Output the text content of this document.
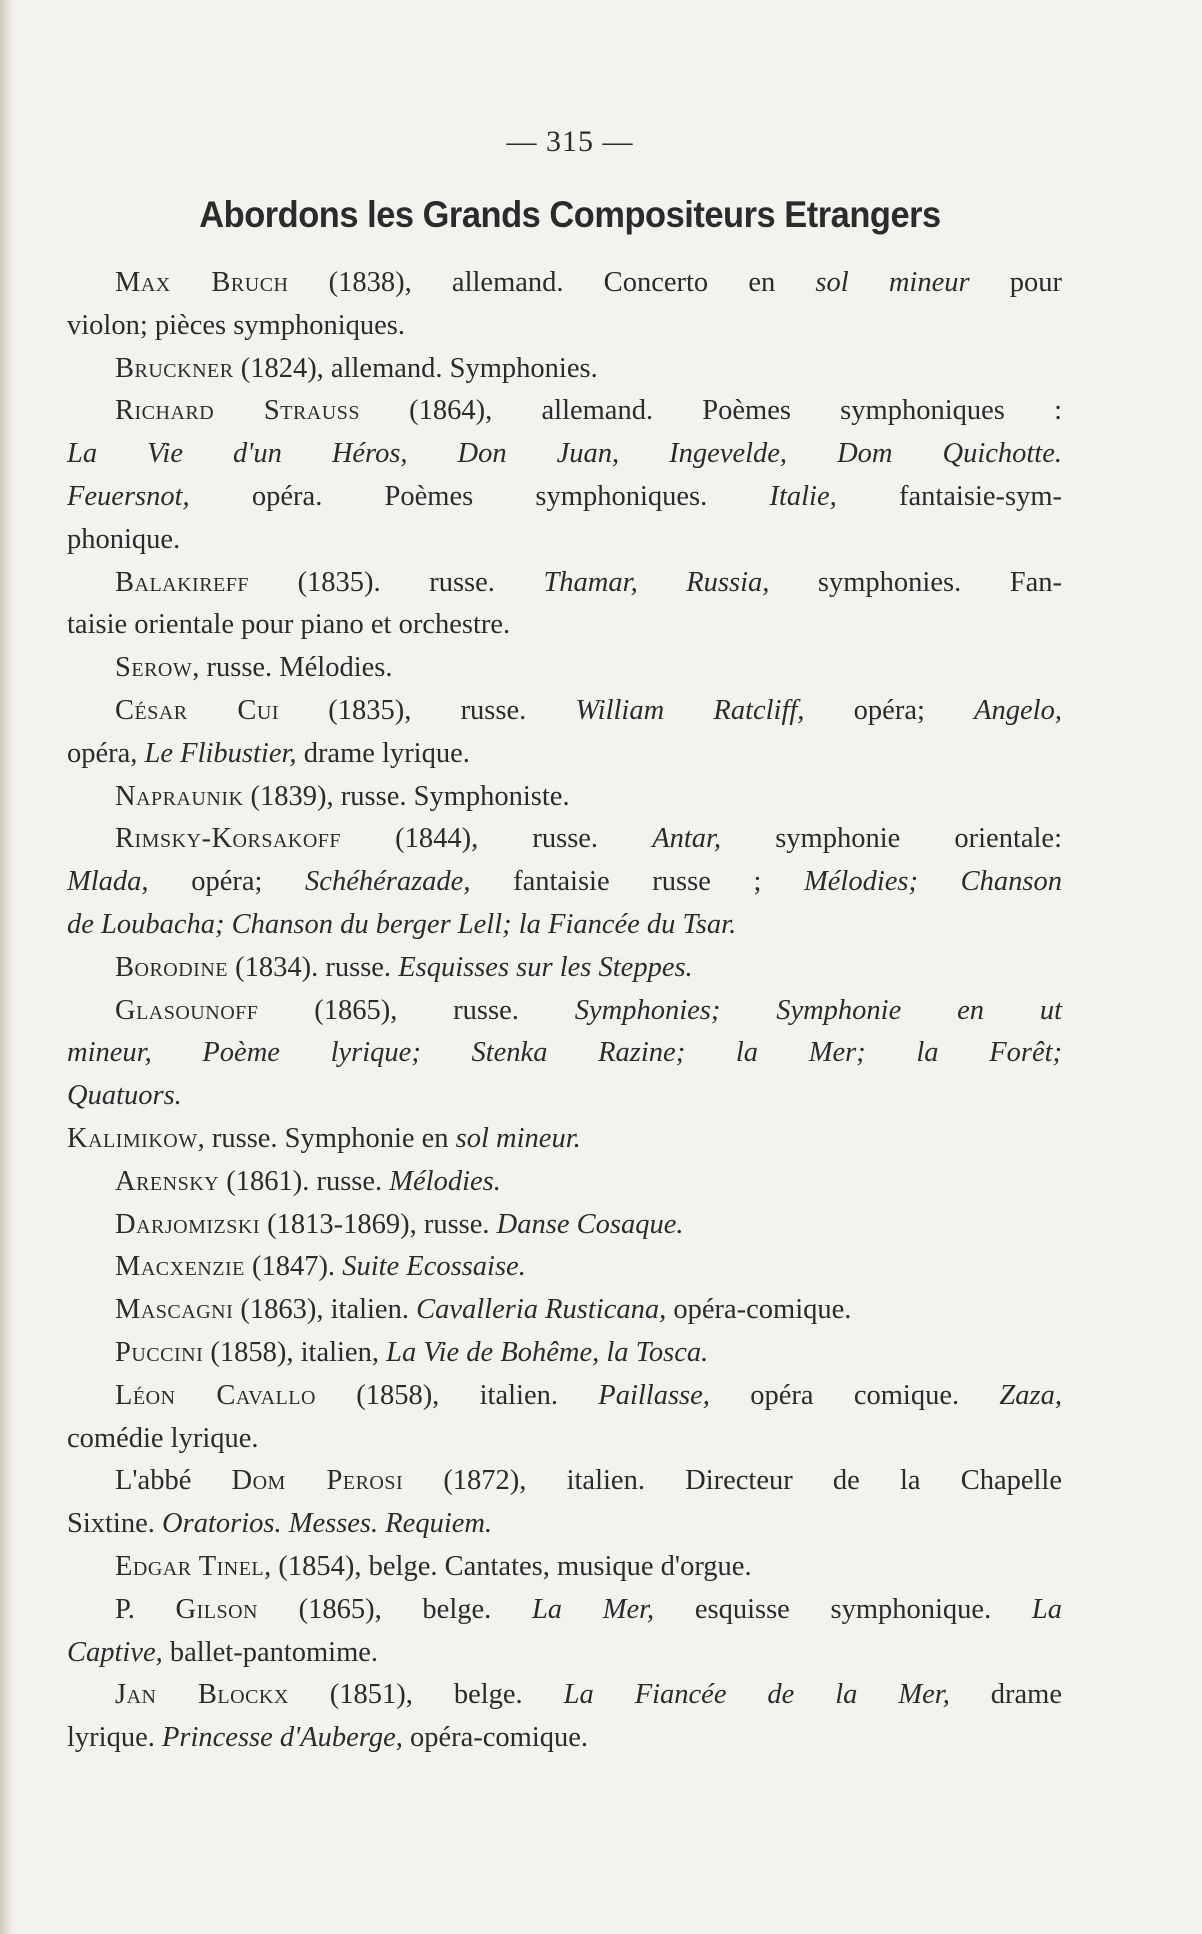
— 315 —
Abordons les Grands Compositeurs Etrangers
Max Bruch (1838), allemand. Concerto en sol mineur pour
violon; pièces symphoniques.
Bruckner (1824), allemand. Symphonies.
Richard Strauss (1864), allemand. Poèmes symphoniques :
La Vie d'un Héros, Don Juan, Ingevelde, Dom Quichotte.
Feuersnot, opéra. Poèmes symphoniques. Italie, fantaisie-sym-
phonique.
Balakireff (1835). russe. Thamar, Russia, symphonies. Fan-
taisie orientale pour piano et orchestre.
Serow, russe. Mélodies.
César Cui (1835), russe. William Ratcliff, opéra; Angelo,
opéra, Le Flibustier, drame lyrique.
Napraunik (1839), russe. Symphoniste.
Rimsky-Korsakoff (1844), russe. Antar, symphonie orientale:
Mlada, opéra; Schéhérazade, fantaisie russe ; Mélodies; Chanson
de Loubacha; Chanson du berger Lell; la Fiancée du Tsar.
Borodine (1834). russe. Esquisses sur les Steppes.
Glasounoff (1865), russe. Symphonies; Symphonie en ut
mineur, Poème lyrique; Stenka Razine; la Mer; la Forêt;
Quatuors.
Kalimikow, russe. Symphonie en sol mineur.
Arensky (1861). russe. Mélodies.
Darjomizski (1813-1869), russe. Danse Cosaque.
Macxenzie (1847). Suite Ecossaise.
Mascagni (1863), italien. Cavalleria Rusticana, opéra-comique.
Puccini (1858), italien, La Vie de Bohême, la Tosca.
Léon Cavallo (1858), italien. Paillasse, opéra comique. Zaza,
comédie lyrique.
L'abbé Dom Perosi (1872), italien. Directeur de la Chapelle
Sixtine. Oratorios. Messes. Requiem.
Edgar Tinel, (1854), belge. Cantates, musique d'orgue.
P. Gilson (1865), belge. La Mer, esquisse symphonique. La
Captive, ballet-pantomime.
Jan Blockx (1851), belge. La Fiancée de la Mer, drame
lyrique. Princesse d'Auberge, opéra-comique.
